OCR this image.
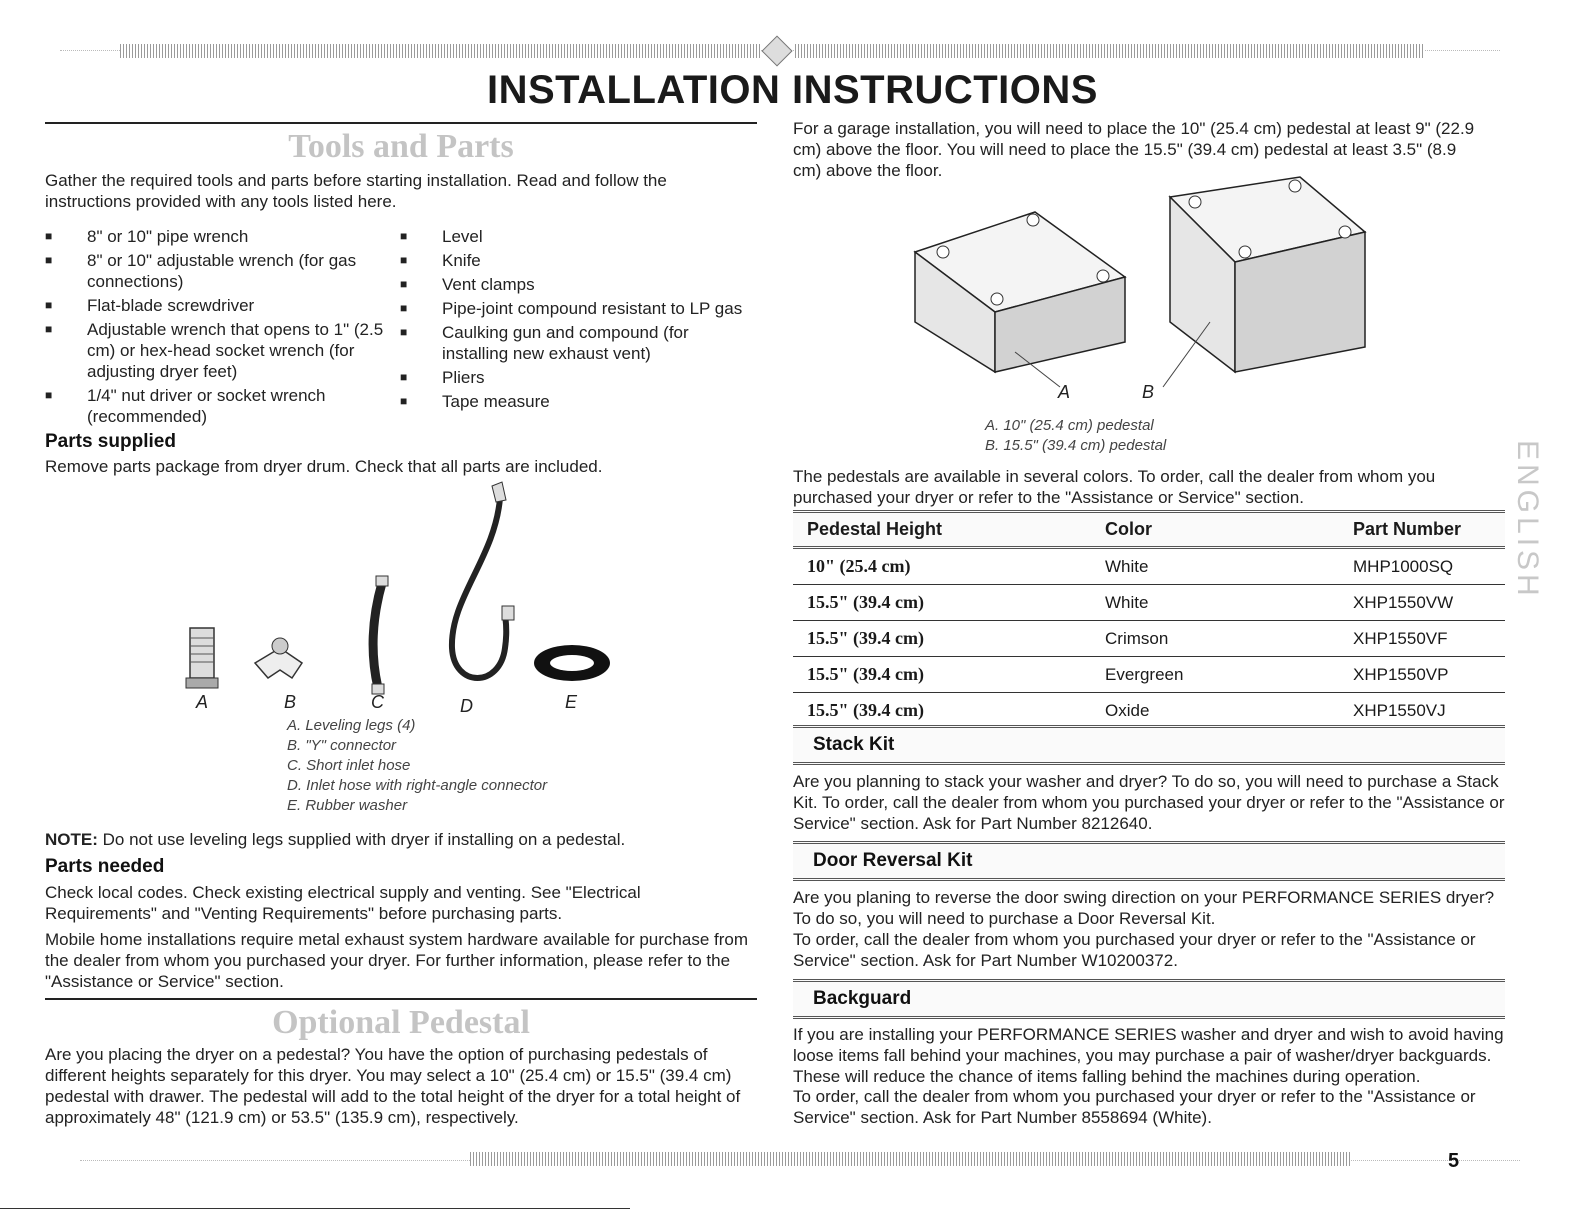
INSTALLATION INSTRUCTIONS
Tools and Parts

Gather the required tools and parts before starting installation. Read and follow the instructions provided with any tools listed here.

■ 8" or 10" pipe wrench
■ 8" or 10" adjustable wrench (for gas connections)
■ Flat-blade screwdriver
■ Adjustable wrench that opens to 1" (2.5 cm) or hex-head socket wrench (for adjusting dryer feet)
■ 1/4" nut driver or socket wrench (recommended)
■ Level
■ Knife
■ Vent clamps
■ Pipe-joint compound resistant to LP gas
■ Caulking gun and compound (for installing new exhaust vent)
■ Pliers
■ Tape measure
Parts supplied

Remove parts package from dryer drum. Check that all parts are included.

A	B	C	D	E

A. Leveling legs (4)

B. "Y" connector

C. Short inlet hose

D. Inlet hose with right-angle connector

E. Rubber washer

NOTE: Do not use leveling legs supplied with dryer if installing on a pedestal.

Parts needed

Check local codes. Check existing electrical supply and venting. See "Electrical Requirements" and "Venting Requirements" before purchasing parts.

Mobile home installations require metal exhaust system hardware available for purchase from the dealer from whom you purchased your dryer. For further information, please refer to the "Assistance or Service" section.

Optional Pedestal

Are you placing the dryer on a pedestal? You have the option of purchasing pedestals of different heights separately for this dryer. You may select a 10" (25.4 cm) or 15.5" (39.4 cm) pedestal with drawer. The pedestal will add to the total height of the dryer for a total height of approximately 48" (121.9 cm) or 53.5" (135.9 cm), respectively.

For a garage installation, you will need to place the 10" (25.4 cm) pedestal at least 9" (22.9 cm) above the floor. You will need to place the 15.5" (39.4 cm) pedestal at least 3.5" (8.9 cm) above the floor.

A	B

A. 10" (25.4 cm) pedestal

B. 15.5" (39.4 cm) pedestal

The pedestals are available in several colors. To order, call the dealer from whom you purchased your dryer or refer to the "Assistance or Service" section.

Pedestal Height	Color	Part Number
10" (25.4 cm)	White	MHP1000SQ
15.5" (39.4 cm)	White	XHP1550VW
15.5" (39.4 cm)	Crimson	XHP1550VF
15.5" (39.4 cm)	Evergreen	XHP1550VP
15.5" (39.4 cm)	Oxide	XHP1550VJ
Stack Kit

Are you planning to stack your washer and dryer? To do so, you will need to purchase a Stack Kit. To order, call the dealer from whom you purchased your dryer or refer to the "Assistance or Service" section. Ask for Part Number 8212640.

Door Reversal Kit

Are you planing to reverse the door swing direction on your PERFORMANCE SERIES dryer? To do so, you will need to purchase a Door Reversal Kit.

To order, call the dealer from whom you purchased your dryer or refer to the "Assistance or Service" section. Ask for Part Number W10200372.

Backguard

If you are installing your PERFORMANCE SERIES washer and dryer and wish to avoid having loose items fall behind your machines, you may purchase a pair of washer/dryer backguards. These will reduce the chance of items falling behind the machines during operation.

To order, call the dealer from whom you purchased your dryer or refer to the "Assistance or Service" section. Ask for Part Number 8558694 (White).

ENGLISH
5
